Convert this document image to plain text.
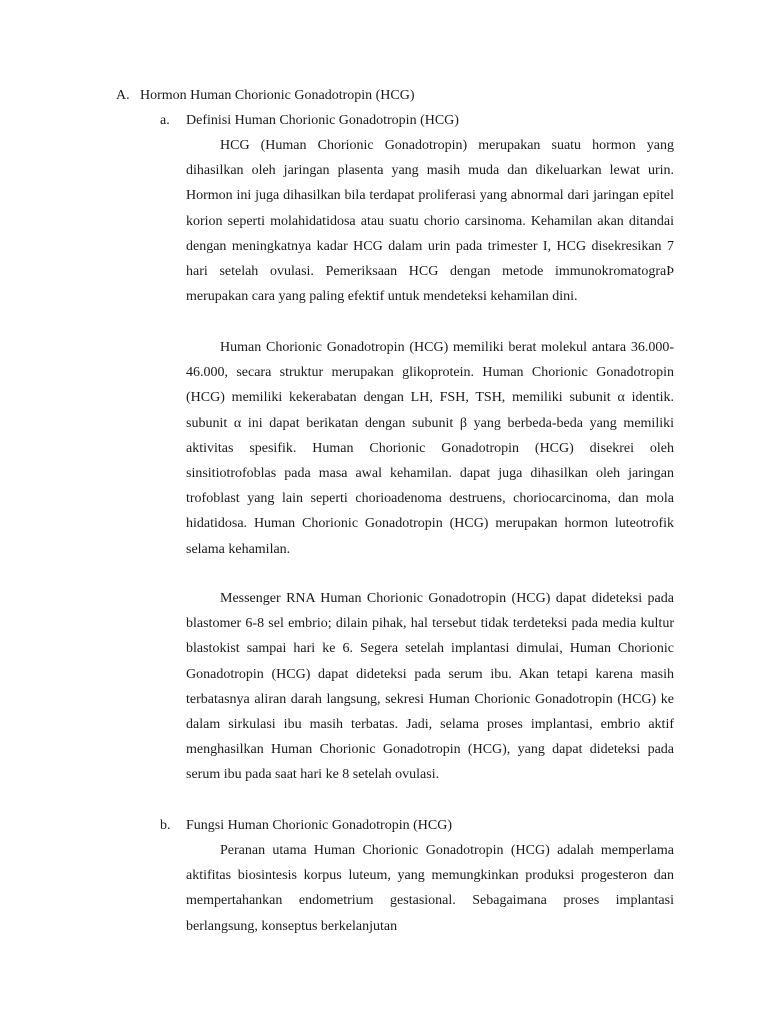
A. Hormon Human Chorionic Gonadotropin (HCG)
a. Definisi Human Chorionic Gonadotropin (HCG)

HCG (Human Chorionic Gonadotropin) merupakan suatu hormon yang dihasilkan oleh jaringan plasenta yang masih muda dan dikeluarkan lewat urin. Hormon ini juga dihasilkan bila terdapat proliferasi yang abnormal dari jaringan epitel korion seperti molahidatidosa atau suatu chorio carsinoma. Kehamilan akan ditandai dengan meningkatnya kadar HCG dalam urin pada trimester I, HCG disekresikan 7 hari setelah ovulasi. Pemeriksaan HCG dengan metode immunokromatograÞ merupakan cara yang paling efektif untuk mendeteksi kehamilan dini.

Human Chorionic Gonadotropin (HCG) memiliki berat molekul antara 36.000- 46.000, secara struktur merupakan glikoprotein. Human Chorionic Gonadotropin (HCG) memiliki kekerabatan dengan LH, FSH, TSH, memiliki subunit α identik. subunit α ini dapat berikatan dengan subunit β yang berbeda-beda yang memiliki aktivitas spesifik. Human Chorionic Gonadotropin (HCG) disekrei oleh sinsitiotrofoblas pada masa awal kehamilan. dapat juga dihasilkan oleh jaringan trofoblast yang lain seperti chorioadenoma destruens, choriocarcinoma, dan mola hidatidosa. Human Chorionic Gonadotropin (HCG) merupakan hormon luteotrofik selama kehamilan.

Messenger RNA Human Chorionic Gonadotropin (HCG) dapat dideteksi pada blastomer 6-8 sel embrio; dilain pihak, hal tersebut tidak terdeteksi pada media kultur blastokist sampai hari ke 6. Segera setelah implantasi dimulai, Human Chorionic Gonadotropin (HCG) dapat dideteksi pada serum ibu. Akan tetapi karena masih terbatasnya aliran darah langsung, sekresi Human Chorionic Gonadotropin (HCG) ke dalam sirkulasi ibu masih terbatas. Jadi, selama proses implantasi, embrio aktif menghasilkan Human Chorionic Gonadotropin (HCG), yang dapat dideteksi pada serum ibu pada saat hari ke 8 setelah ovulasi.

b. Fungsi Human Chorionic Gonadotropin (HCG)

Peranan utama Human Chorionic Gonadotropin (HCG) adalah memperlama aktifitas biosintesis korpus luteum, yang memungkinkan produksi progesteron dan mempertahankan endometrium gestasional. Sebagaimana proses implantasi berlangsung, konseptus berkelanjutan
